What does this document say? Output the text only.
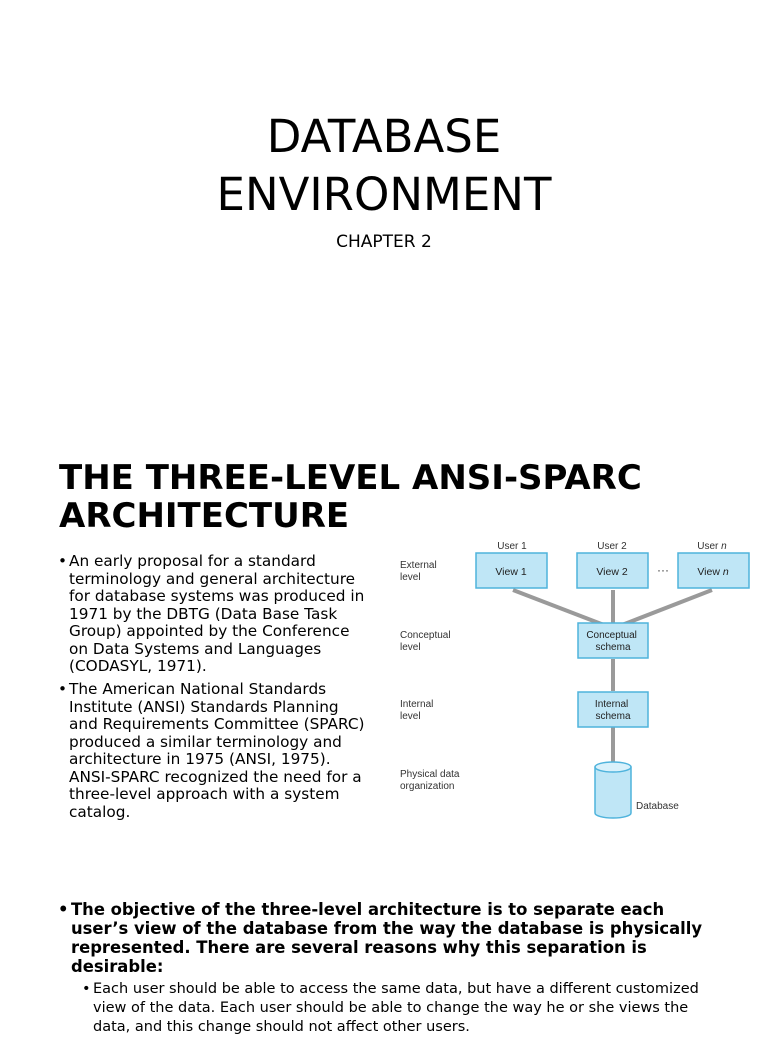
DATABASE
ENVIRONMENT
CHAPTER 2
THE THREE-LEVEL ANSI-SPARC ARCHITECTURE
• An early proposal for a standard terminology and general architecture for database systems was produced in 1971 by the DBTG (Data Base Task Group) appointed by the Conference on Data Systems and Languages (CODASYL, 1971).
• The American National Standards Institute (ANSI) Standards Planning and Requirements Committee (SPARC) produced a similar terminology and architecture in 1975 (ANSI, 1975). ANSI-SPARC recognized the need for a three-level approach with a system catalog.
External level
Conceptual level
Internal level
Physical data organization
User 1	User 2	User n
View 1	View 2 ···	View n
Conceptual schema
Internal schema
Database
• The objective of the three-level architecture is to separate each user’s view of the database from the way the database is physically represented. There are several reasons why this separation is desirable:
• Each user should be able to access the same data, but have a different customized view of the data. Each user should be able to change the way he or she views the data, and this change should not affect other users.
